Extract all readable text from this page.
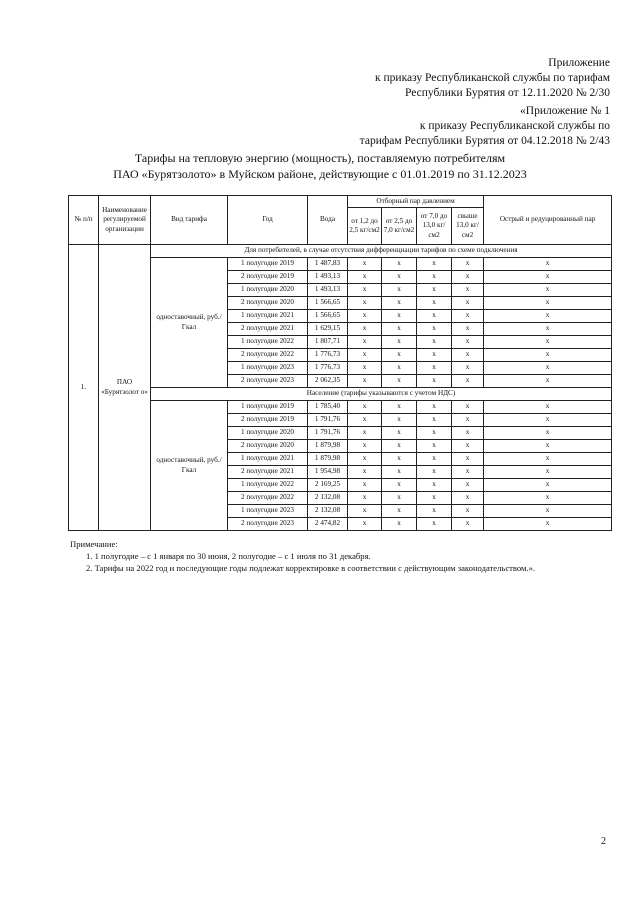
Приложение
к приказу Республиканской службы по тарифам
Республики Бурятия от 12.11.2020 № 2/30
«Приложение № 1
к приказу Республиканской службы по
тарифам Республики Бурятия от 04.12.2018 № 2/43
Тарифы на тепловую энергию (мощность), поставляемую потребителям
ПАО «Бурятзолото» в Муйском районе, действующие с 01.01.2019 по 31.12.2023
№ п/п	Наименование регулируемой организации	Вид тарифа	Год	Вода	Отборный пар давлением				Острый и редуцированный пар
					от 1,2 до 2,5 кг/см2	от 2,5 до 7,0 кг/см2	от 7,0 до 13,0 кг/см2	свыше 13,0 кг/см2	
1.	ПАО «Бурятзолот о»	Для потребителей, в случае отсутствия дифференциации тарифов по схеме подключения							
		одноставочный, руб./Гкал	1 полугодие 2019	1 487,83	x	x	x	x	x
			2 полугодие 2019	1 493,13	x	x	x	x	x
			1 полугодие 2020	1 493,13	x	x	x	x	x
			2 полугодие 2020	1 566,65	x	x	x	x	x
			1 полугодие 2021	1 566,65	x	x	x	x	x
			2 полугодие 2021	1 629,15	x	x	x	x	x
			1 полугодие 2022	1 807,71	x	x	x	x	x
			2 полугодие 2022	1 776,73	x	x	x	x	x
			1 полугодие 2023	1 776,73	x	x	x	x	x
			2 полугодие 2023	2 062,35	x	x	x	x	x
		Население (тарифы указываются с учетом НДС)							
		одноставочный, руб./Гкал	1 полугодие 2019	1 785,40	x	x	x	x	x
			2 полугодие 2019	1 791,76	x	x	x	x	x
			1 полугодие 2020	1 791,76	x	x	x	x	x
			2 полугодие 2020	1 879,98	x	x	x	x	x
			1 полугодие 2021	1 879,98	x	x	x	x	x
			2 полугодие 2021	1 954,98	x	x	x	x	x
			1 полугодие 2022	2 169,25	x	x	x	x	x
			2 полугодие 2022	2 132,08	x	x	x	x	x
			1 полугодие 2023	2 132,08	x	x	x	x	x
			2 полугодие 2023	2 474,82	x	x	x	x	x
Примечание:
1. 1 полугодие – с 1 января по 30 июня, 2 полугодие – с 1 июля по 31 декабря.
2. Тарифы на 2022 год и последующие годы подлежат корректировке в соответствии с действующим законодательством.».
2
